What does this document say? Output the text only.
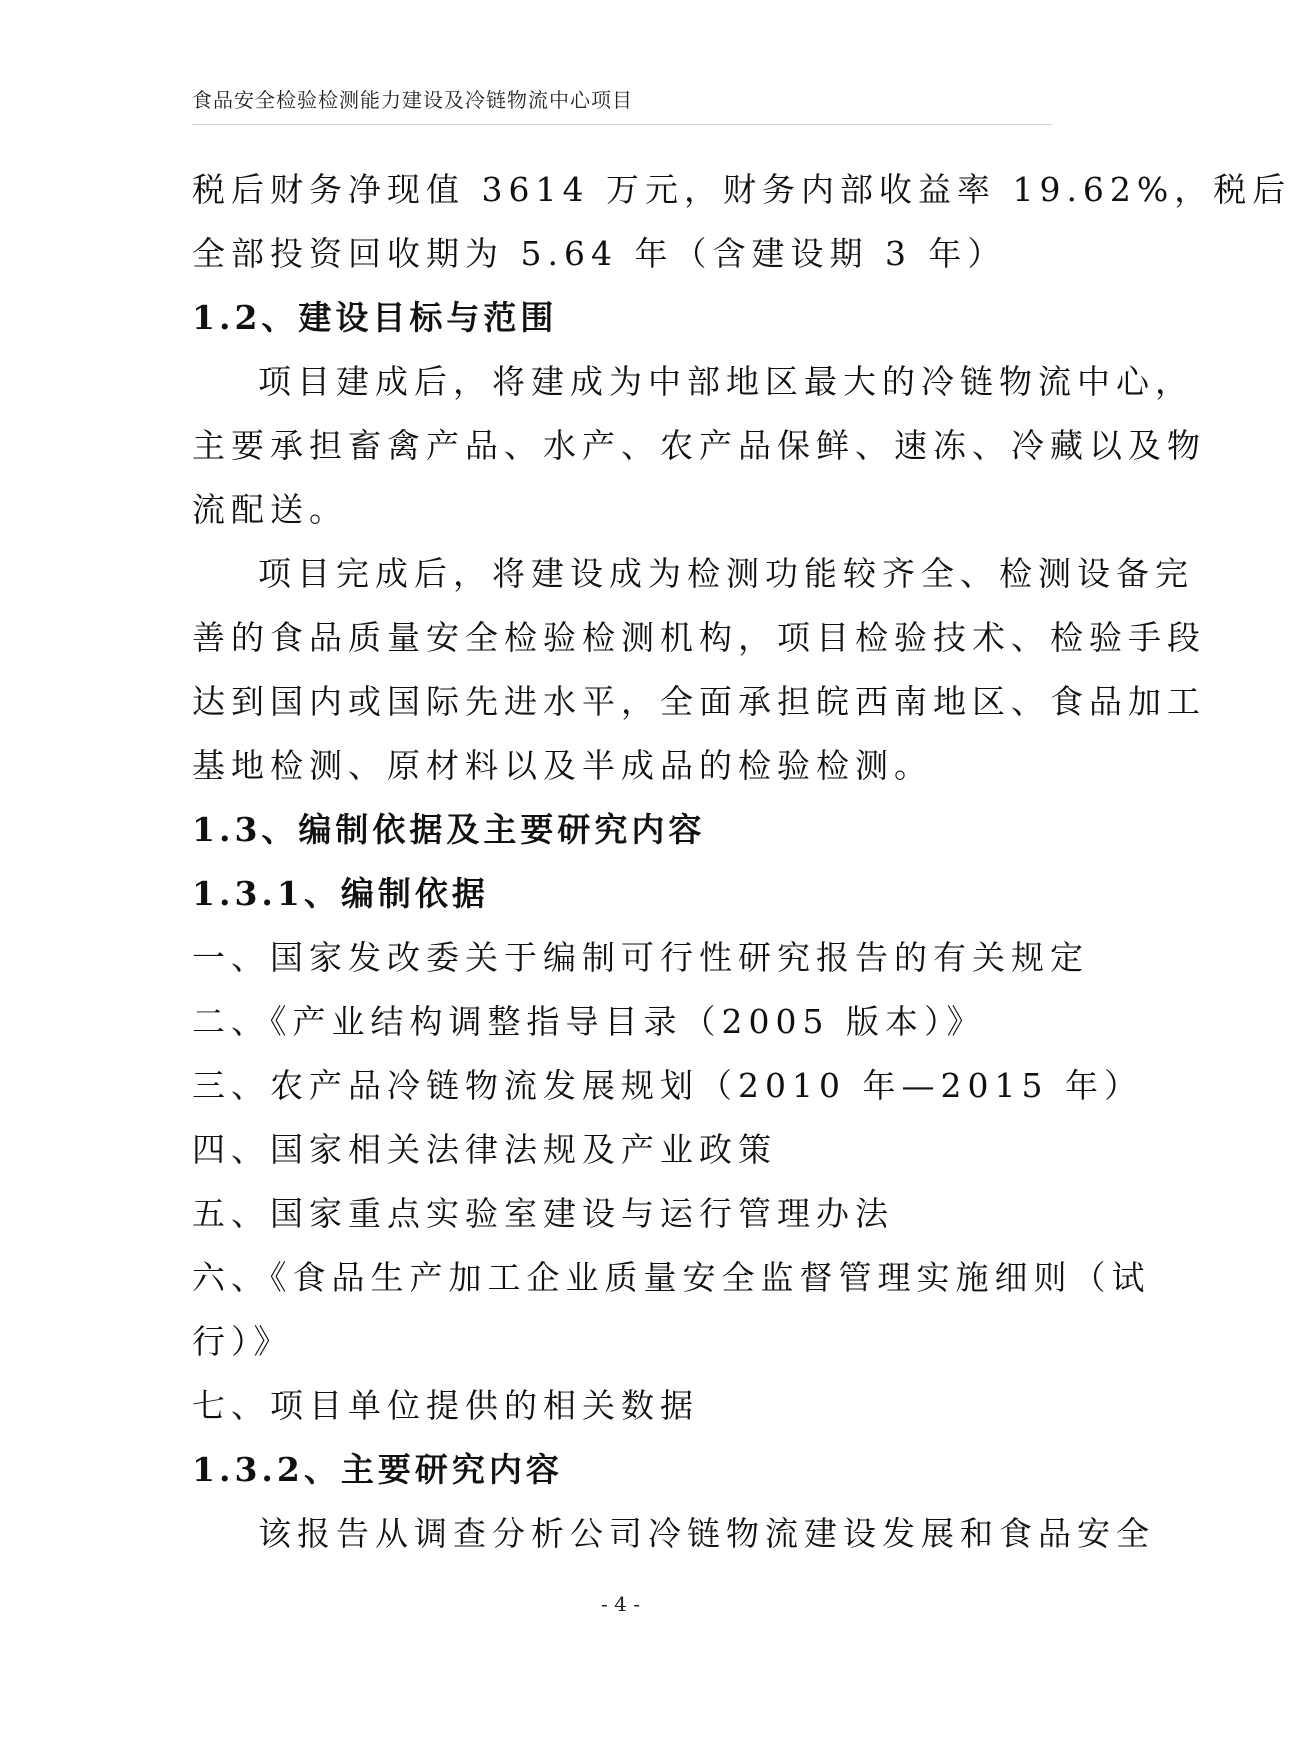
食品安全检验检测能力建设及冷链物流中心项目
税后财务净现值 3614 万元，财务内部收益率 19.62%，税后
全部投资回收期为 5.64 年（含建设期 3 年）
1.2、建设目标与范围
项目建成后，将建成为中部地区最大的冷链物流中心，
主要承担畜禽产品、水产、农产品保鲜、速冻、冷藏以及物
流配送。
项目完成后，将建设成为检测功能较齐全、检测设备完
善的食品质量安全检验检测机构，项目检验技术、检验手段
达到国内或国际先进水平，全面承担皖西南地区、食品加工
基地检测、原材料以及半成品的检验检测。
1.3、编制依据及主要研究内容
1.3.1、编制依据
一、国家发改委关于编制可行性研究报告的有关规定
二、《产业结构调整指导目录（2005 版本）》
三、农产品冷链物流发展规划（2010 年—2015 年）
四、国家相关法律法规及产业政策
五、国家重点实验室建设与运行管理办法
六、《食品生产加工企业质量安全监督管理实施细则（试
行）》
七、项目单位提供的相关数据
1.3.2、主要研究内容
该报告从调查分析公司冷链物流建设发展和食品安全
- 4 -
